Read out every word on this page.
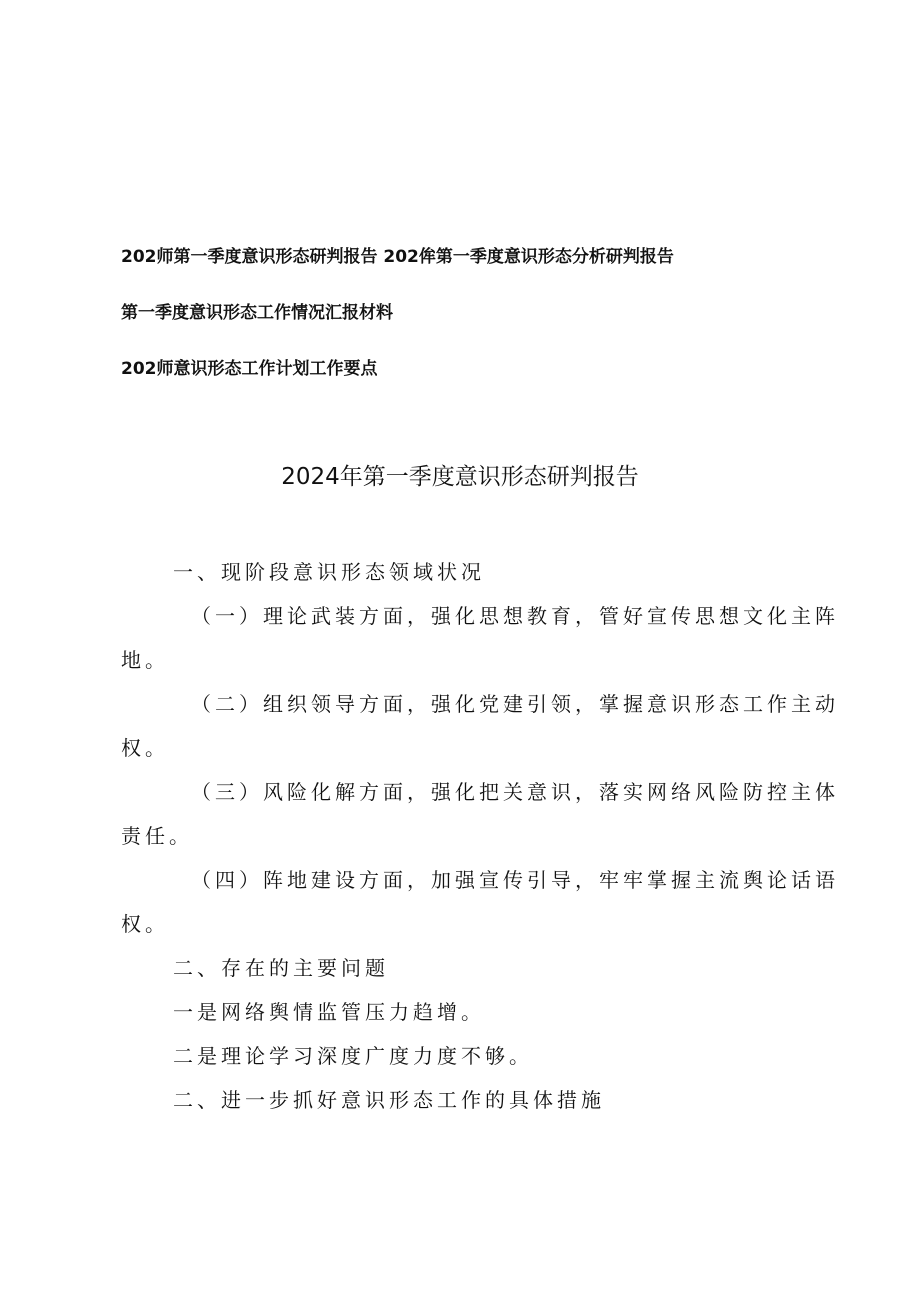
202师第一季度意识形态研判报告 202侔第一季度意识形态分析研判报告
第一季度意识形态工作情况汇报材料
202师意识形态工作计划工作要点
2024年第一季度意识形态研判报告
一、现阶段意识形态领域状况
（一）理论武装方面，强化思想教育，管好宣传思想文化主阵
地。
（二）组织领导方面，强化党建引领，掌握意识形态工作主动
权。
（三）风险化解方面，强化把关意识，落实网络风险防控主体
责任。
（四）阵地建设方面，加强宣传引导，牢牢掌握主流舆论话语
权。
二、存在的主要问题
一是网络舆情监管压力趋增。
二是理论学习深度广度力度不够。
二、进一步抓好意识形态工作的具体措施
